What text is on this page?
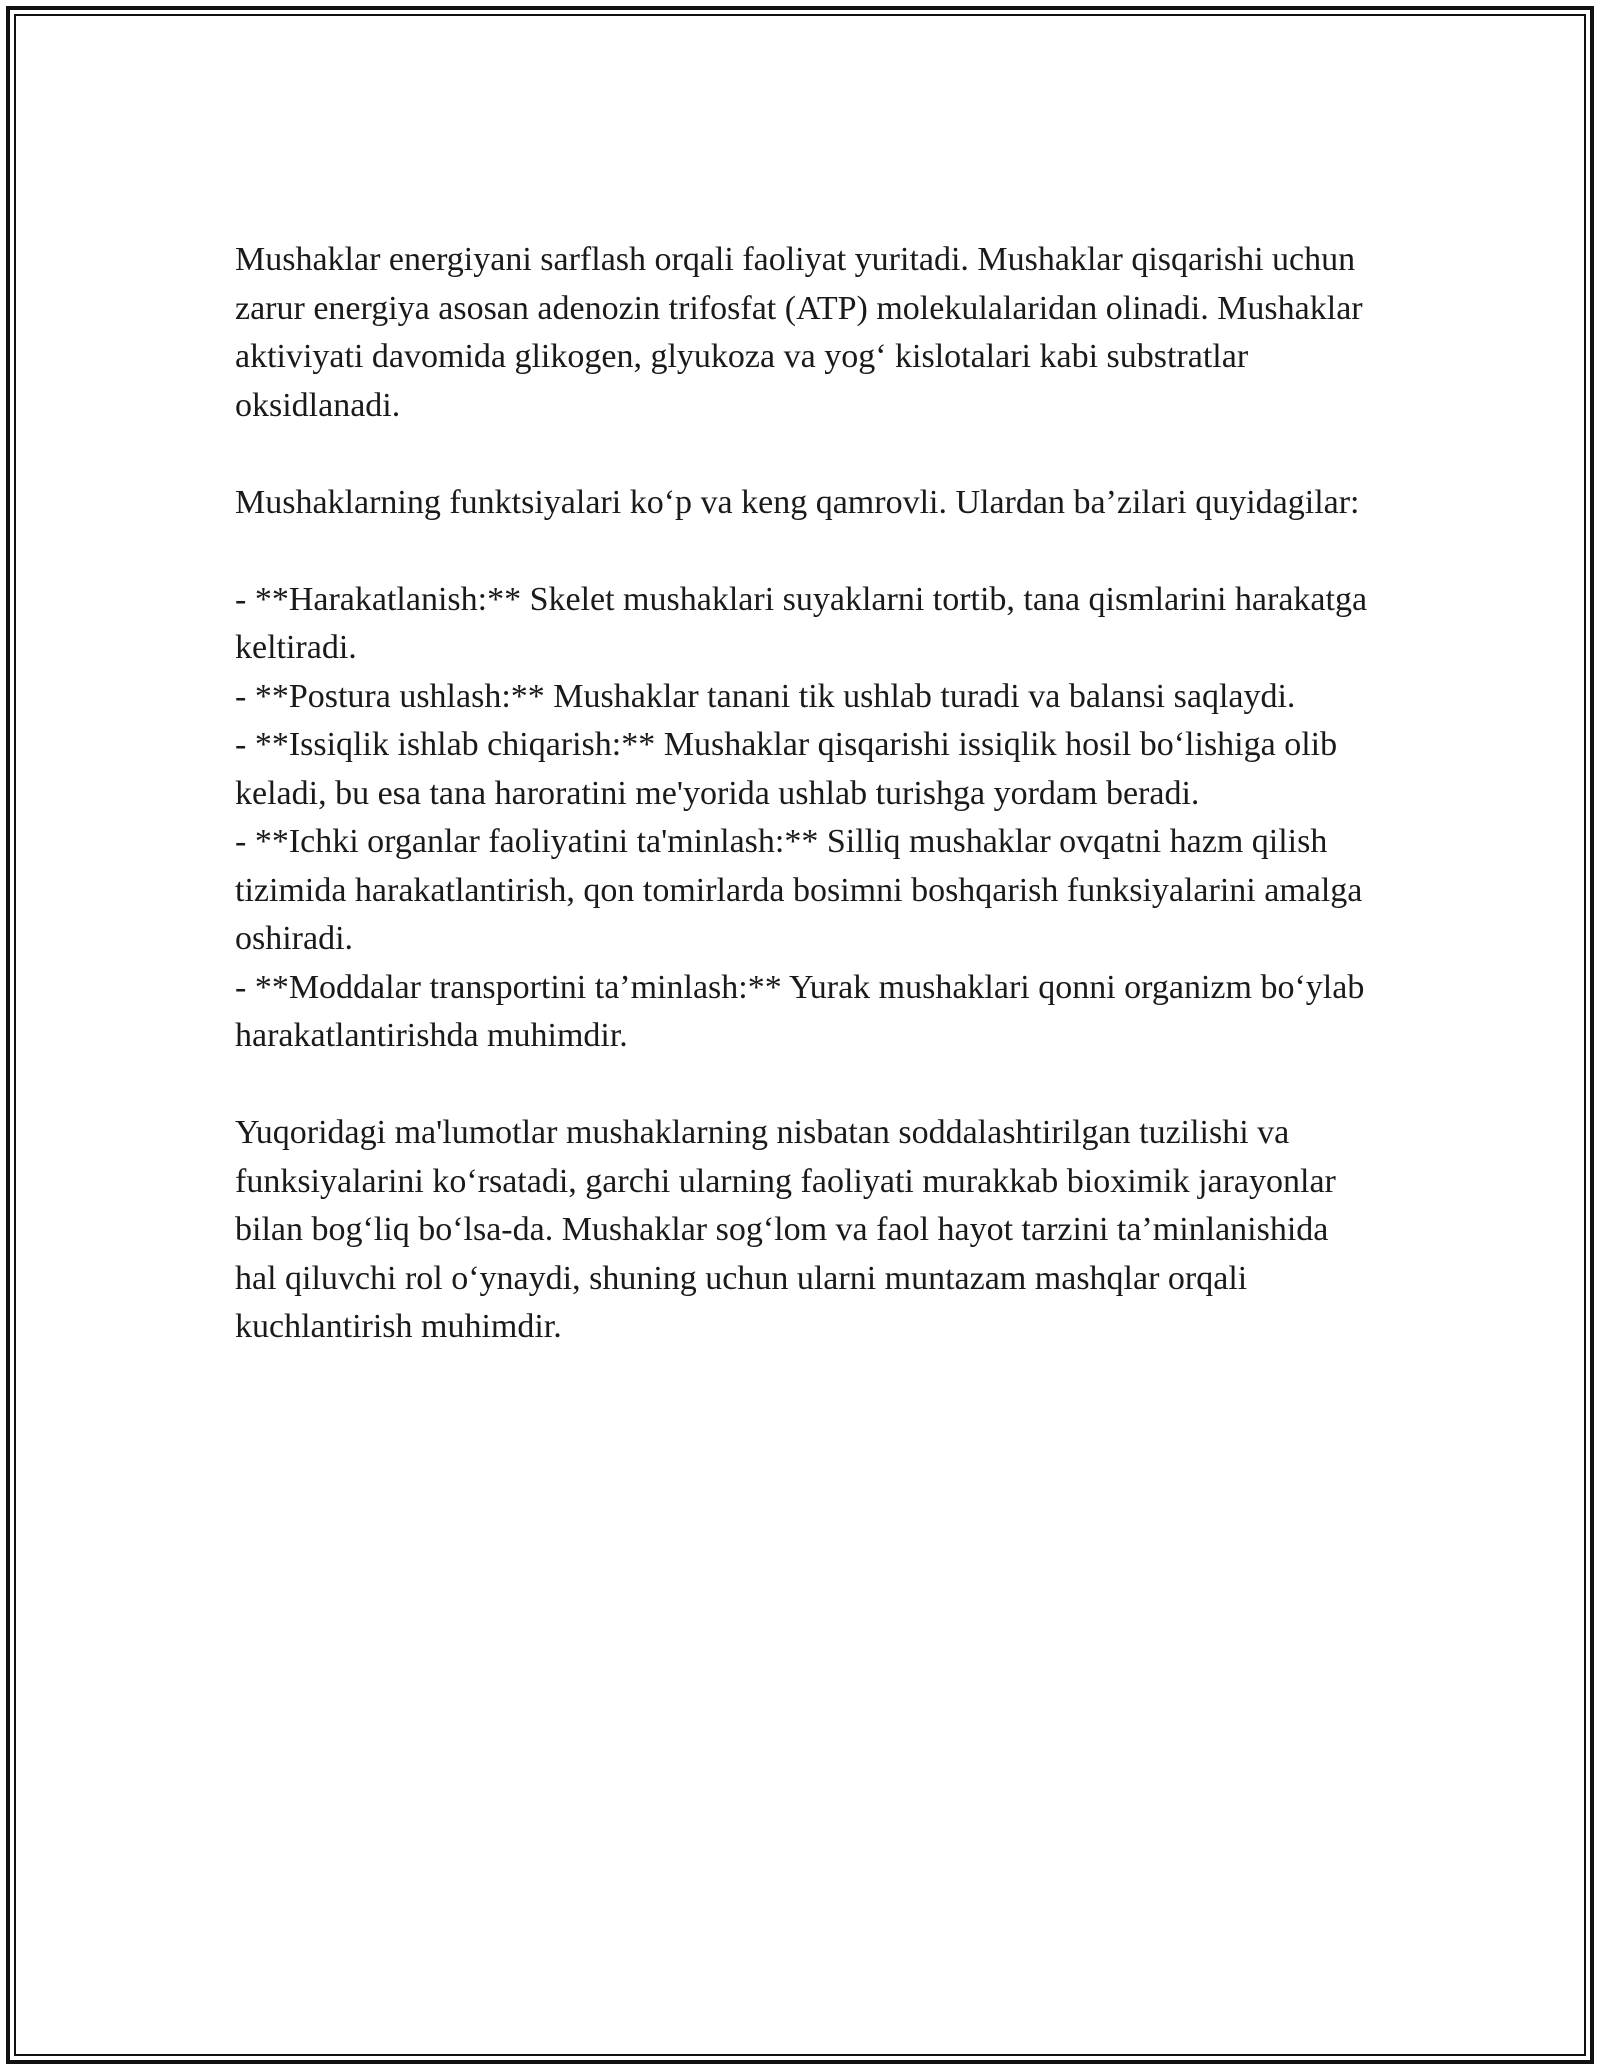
Mushaklar energiyani sarflash orqali faoliyat yuritadi. Mushaklar qisqarishi uchun zarur energiya asosan adenozin trifosfat (ATP) molekulalaridan olinadi. Mushaklar aktiviyati davomida glikogen, glyukoza va yog‘ kislotalari kabi substratlar oksidlanadi.

Mushaklarning funktsiyalari ko‘p va keng qamrovli. Ulardan ba’zilari quyidagilar:

- **Harakatlanish:** Skelet mushaklari suyaklarni tortib, tana qismlarini harakatga keltiradi.

- **Postura ushlash:** Mushaklar tanani tik ushlab turadi va balansi saqlaydi.

- **Issiqlik ishlab chiqarish:** Mushaklar qisqarishi issiqlik hosil bo‘lishiga olib keladi, bu esa tana haroratini me'yorida ushlab turishga yordam beradi.

- **Ichki organlar faoliyatini ta'minlash:** Silliq mushaklar ovqatni hazm qilish tizimida harakatlantirish, qon tomirlarda bosimni boshqarish funksiyalarini amalga oshiradi.

- **Moddalar transportini ta’minlash:** Yurak mushaklari qonni organizm bo‘ylab harakatlantirishda muhimdir.

Yuqoridagi ma'lumotlar mushaklarning nisbatan soddalashtirilgan tuzilishi va funksiyalarini ko‘rsatadi, garchi ularning faoliyati murakkab bioximik jarayonlar bilan bog‘liq bo‘lsa-da. Mushaklar sog‘lom va faol hayot tarzini ta’minlanishida hal qiluvchi rol o‘ynaydi, shuning uchun ularni muntazam mashqlar orqali kuchlantirish muhimdir.
